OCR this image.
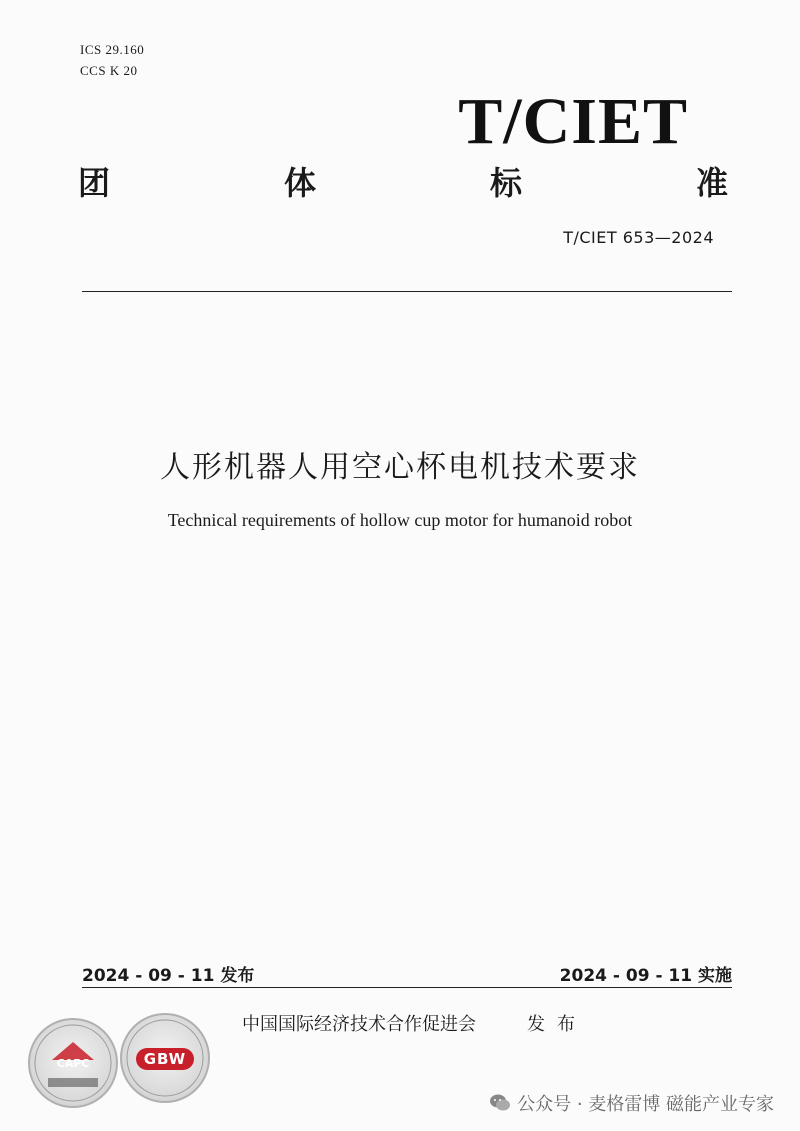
ICS 29.160
CCS K 20
T/CIET
团	体	标	准
T/CIET 653—2024
人形机器人用空心杯电机技术要求
Technical requirements of hollow cup motor for humanoid robot
2024 - 09 - 11 发布	2024 - 09 - 11 实施
中国国际经济技术合作促进会	发布
CAPC	GBW
公众号 · 麦格雷博 磁能产业专家
